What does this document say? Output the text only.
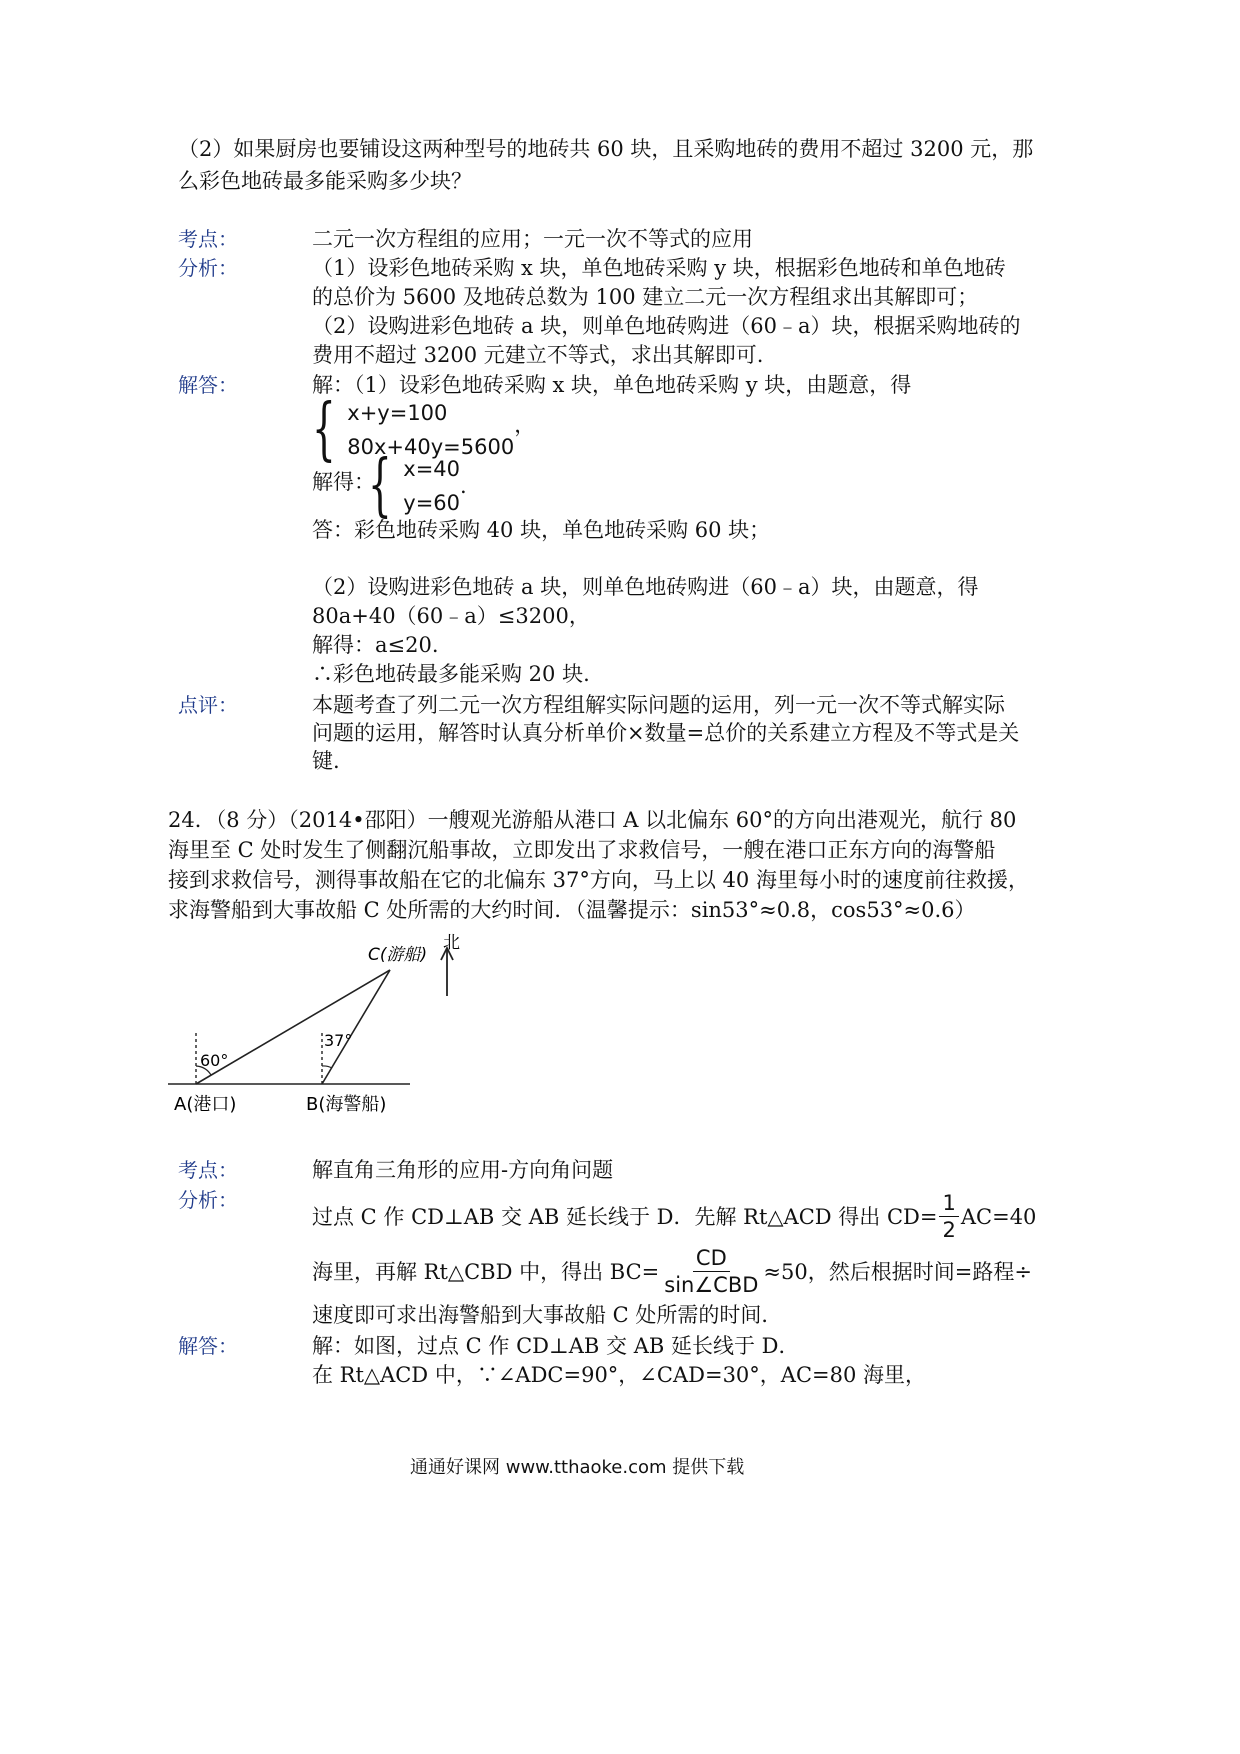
（2）如果厨房也要铺设这两种型号的地砖共 60 块，且采购地砖的费用不超过 3200 元，那
么彩色地砖最多能采购多少块？
考点：	二元一次方程组的应用；一元一次不等式的应用
分析：	（1）设彩色地砖采购 x 块，单色地砖采购 y 块，根据彩色地砖和单色地砖
的总价为 5600 及地砖总数为 100 建立二元一次方程组求出其解即可；
（2）设购进彩色地砖 a 块，则单色地砖购进（60﹣a）块，根据采购地砖的
费用不超过 3200 元建立不等式，求出其解即可.
解答：	解：（1）设彩色地砖采购 x 块，单色地砖采购 y 块，由题意，得
{ x+y=100
80x+40y=5600
，
解得：
{ x=40
y=60
.
答：彩色地砖采购 40 块，单色地砖采购 60 块；
（2）设购进彩色地砖 a 块，则单色地砖购进（60﹣a）块，由题意，得
80a+40（60﹣a）≤3200，
解得：a≤20.
∴彩色地砖最多能采购 20 块.
点评：	本题考查了列二元一次方程组解实际问题的运用，列一元一次不等式解实际
问题的运用，解答时认真分析单价×数量=总价的关系建立方程及不等式是关
键.
24．（8 分）（2014•邵阳）一艘观光游船从港口 A 以北偏东 60°的方向出港观光，航行 80
海里至 C 处时发生了侧翻沉船事故，立即发出了求救信号，一艘在港口正东方向的海警船
接到求救信号，测得事故船在它的北偏东 37°方向，马上以 40 海里每小时的速度前往救援，
求海警船到大事故船 C 处所需的大约时间．（温馨提示：sin53°≈0.8，cos53°≈0.6）
C(游船)
北
60°
37°
A(港口)	B(海警船)
考点：	解直角三角形的应用-方向角问题
分析：
过点 C 作 CD⊥AB 交 AB 延长线于 D．先解 Rt△ACD 得出 $CD= \frac{1}{2} AC=40$
海里，再解 Rt△CBD 中，得出 $BC= \frac{CD}{\text{sin∠CBD}} \approx 50$，然后根据时间=路程÷
速度即可求出海警船到大事故船 C 处所需的时间．
解答：	解：如图，过点 C 作 CD⊥AB 交 AB 延长线于 D．
在 Rt△ACD 中，∵∠ADC=90°，∠CAD=30°，AC=80 海里，
通通好课网 www.tthaoke.com 提供下载
